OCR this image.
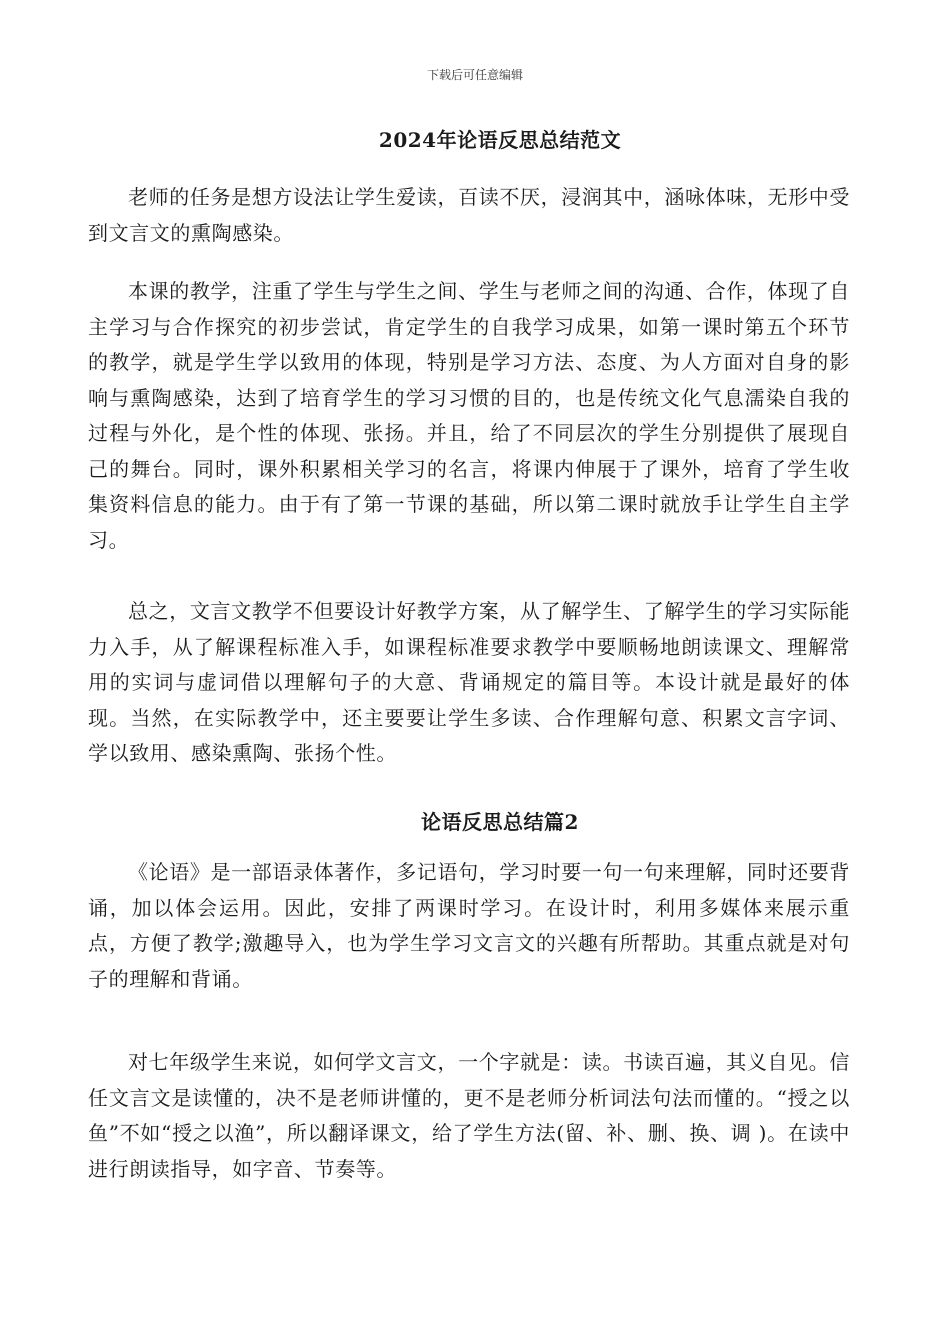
下载后可任意编辑
2024年论语反思总结范文

老师的任务是想方设法让学生爱读，百读不厌，浸润其中，涵咏体味，无形中受到文言文的熏陶感染。

本课的教学，注重了学生与学生之间、学生与老师之间的沟通、合作，体现了自主学习与合作探究的初步尝试，肯定学生的自我学习成果，如第一课时第五个环节的教学，就是学生学以致用的体现，特别是学习方法、态度、为人方面对自身的影响与熏陶感染，达到了培育学生的学习习惯的目的，也是传统文化气息濡染自我的过程与外化，是个性的体现、张扬。并且，给了不同层次的学生分别提供了展现自己的舞台。同时，课外积累相关学习的名言，将课内伸展于了课外，培育了学生收集资料信息的能力。由于有了第一节课的基础，所以第二课时就放手让学生自主学习。

总之，文言文教学不但要设计好教学方案，从了解学生、了解学生的学习实际能力入手，从了解课程标准入手，如课程标准要求教学中要顺畅地朗读课文、理解常用的实词与虚词借以理解句子的大意、背诵规定的篇目等。本设计就是最好的体现。当然，在实际教学中，还主要要让学生多读、合作理解句意、积累文言字词、学以致用、感染熏陶、张扬个性。

论语反思总结篇2

《论语》是一部语录体著作，多记语句，学习时要一句一句来理解，同时还要背诵，加以体会运用。因此，安排了两课时学习。在设计时，利用多媒体来展示重点，方便了教学;激趣导入，也为学生学习文言文的兴趣有所帮助。其重点就是对句子的理解和背诵。

对七年级学生来说，如何学文言文，一个字就是：读。书读百遍，其义自见。信任文言文是读懂的，决不是老师讲懂的，更不是老师分析词法句法而懂的。“授之以鱼”不如“授之以渔”，所以翻译课文，给了学生方法(留、补、删、换、调 )。在读中进行朗读指导，如字音、节奏等。
